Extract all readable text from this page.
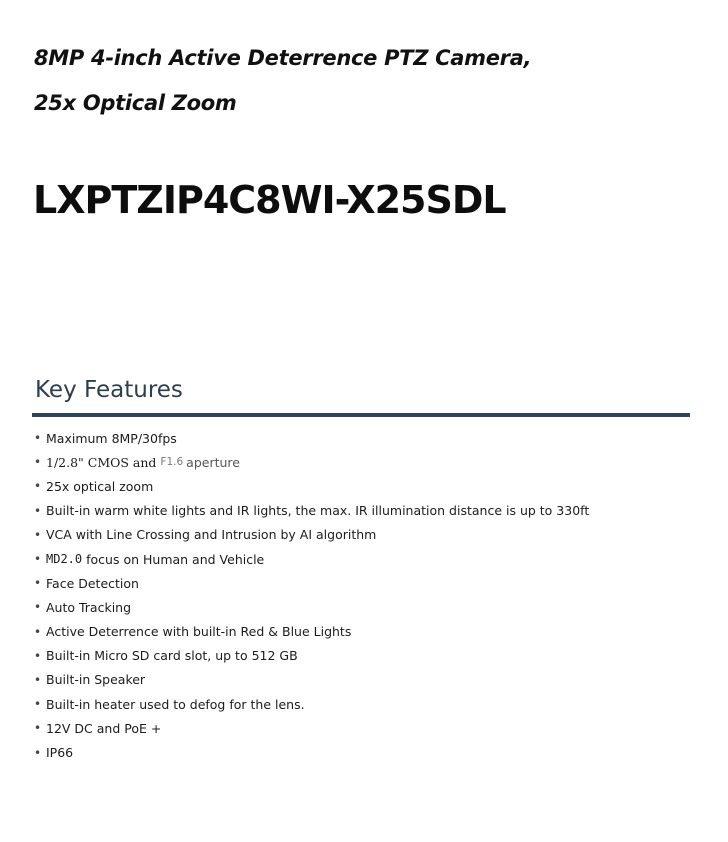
8MP 4-inch Active Deterrence PTZ Camera,
25x Optical Zoom
LXPTZIP4C8WI-X25SDL
Key Features
• Maximum 8MP/30fps
• 1/2.8" CMOS and F1.6 aperture
• 25x optical zoom
• Built-in warm white lights and IR lights, the max. IR illumination distance is up to 330ft
• VCA with Line Crossing and Intrusion by AI algorithm
• MD2.0 focus on Human and Vehicle
• Face Detection
• Auto Tracking
• Active Deterrence with built-in Red & Blue Lights
• Built-in Micro SD card slot, up to 512 GB
• Built-in Speaker
• Built-in heater used to defog for the lens.
• 12V DC and PoE +
• IP66
